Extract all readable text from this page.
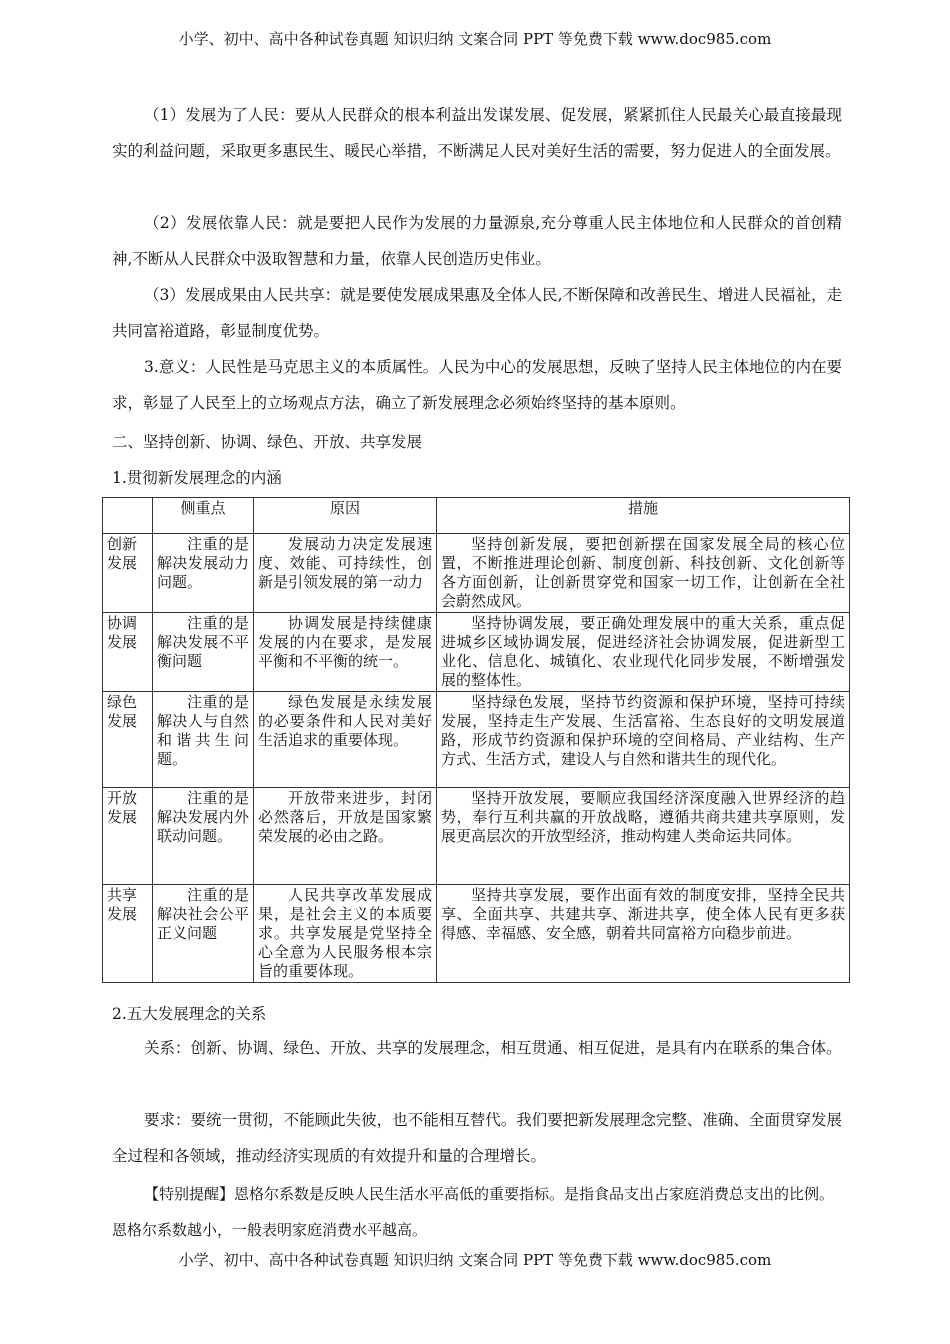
小学、初中、高中各种试卷真题 知识归纳 文案合同 PPT 等免费下载 www.doc985.com
（1）发展为了人民：要从人民群众的根本利益出发谋发展、促发展，紧紧抓住人民最关心最直接最现实的利益问题，采取更多惠民生、暖民心举措，不断满足人民对美好生活的需要，努力促进人的全面发展。
（2）发展依靠人民：就是要把人民作为发展的力量源泉,充分尊重人民主体地位和人民群众的首创精神,不断从人民群众中汲取智慧和力量，依靠人民创造历史伟业。
（3）发展成果由人民共享：就是要使发展成果惠及全体人民,不断保障和改善民生、增进人民福祉，走共同富裕道路，彰显制度优势。
3.意义：人民性是马克思主义的本质属性。人民为中心的发展思想，反映了坚持人民主体地位的内在要求，彰显了人民至上的立场观点方法，确立了新发展理念必须始终坚持的基本原则。
二、坚持创新、协调、绿色、开放、共享发展
1.贯彻新发展理念的内涵
	侧重点	原因	措施
创新发展	注重的是解决发展动力问题。	发展动力决定发展速度、效能、可持续性，创新是引领发展的第一动力	坚持创新发展，要把创新摆在国家发展全局的核心位置，不断推进理论创新、制度创新、科技创新、文化创新等各方面创新，让创新贯穿党和国家一切工作，让创新在全社会蔚然成风。
协调发展	注重的是解决发展不平衡问题	协调发展是持续健康发展的内在要求，是发展平衡和不平衡的统一。	坚持协调发展，要正确处理发展中的重大关系，重点促进城乡区域协调发展，促进经济社会协调发展，促进新型工业化、信息化、城镇化、农业现代化同步发展，不断增强发展的整体性。
绿色发展	注重的是解决人与自然和谐共生问题。	绿色发展是永续发展的必要条件和人民对美好生活追求的重要体现。	坚持绿色发展，坚持节约资源和保护环境，坚持可持续发展，坚持走生产发展、生活富裕、生态良好的文明发展道路，形成节约资源和保护环境的空间格局、产业结构、生产方式、生活方式，建设人与自然和谐共生的现代化。
开放发展	注重的是解决发展内外联动问题。	开放带来进步，封闭必然落后，开放是国家繁荣发展的必由之路。	坚持开放发展，要顺应我国经济深度融入世界经济的趋势，奉行互利共赢的开放战略，遵循共商共建共享原则，发展更高层次的开放型经济，推动构建人类命运共同体。
共享发展	注重的是解决社会公平正义问题	人民共享改革发展成果，是社会主义的本质要求。共享发展是党坚持全心全意为人民服务根本宗旨的重要体现。	坚持共享发展，要作出面有效的制度安排，坚持全民共享、全面共享、共建共享、渐进共享，使全体人民有更多获得感、幸福感、安全感，朝着共同富裕方向稳步前进。
2.五大发展理念的关系
关系：创新、协调、绿色、开放、共享的发展理念，相互贯通、相互促进，是具有内在联系的集合体。
要求：要统一贯彻，不能顾此失彼，也不能相互替代。我们要把新发展理念完整、准确、全面贯穿发展全过程和各领域，推动经济实现质的有效提升和量的合理增长。
【特别提醒】恩格尔系数是反映人民生活水平高低的重要指标。是指食品支出占家庭消费总支出的比例。恩格尔系数越小，一般表明家庭消费水平越高。
小学、初中、高中各种试卷真题 知识归纳 文案合同 PPT 等免费下载 www.doc985.com
